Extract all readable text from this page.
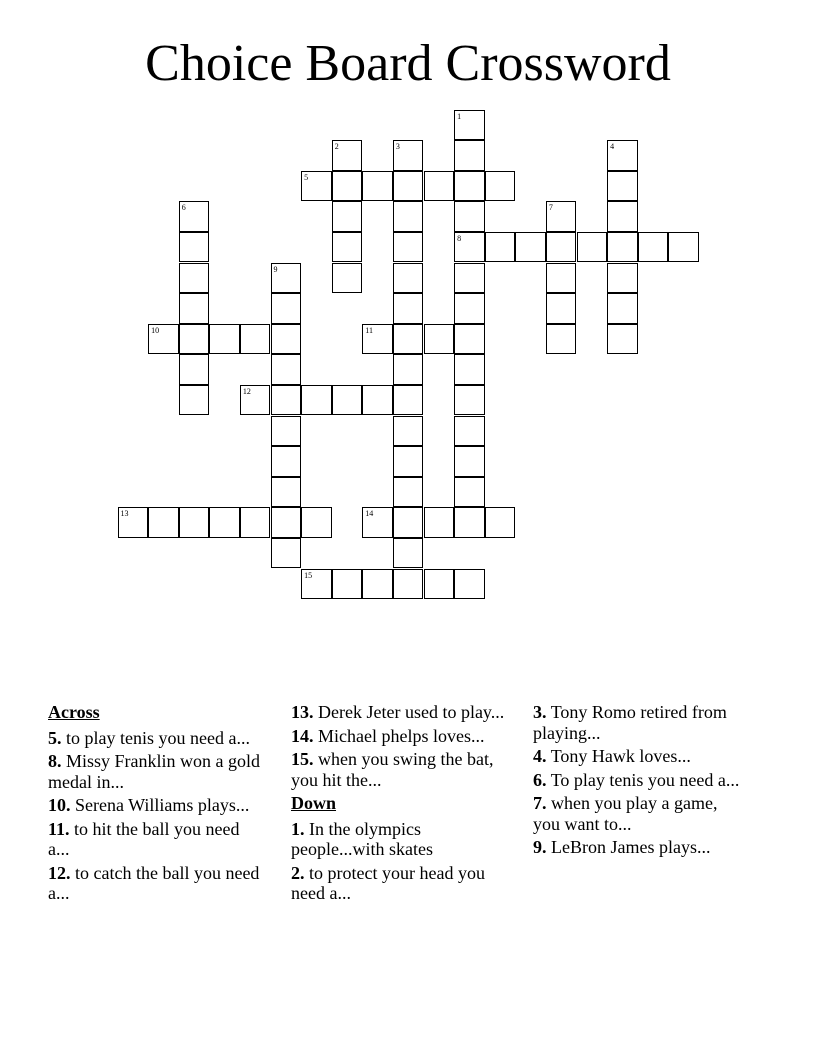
Choice Board Crossword
1
8
2	3	4
5
6	7
9
10	11
12
13	14
15
Across
5. to play tenis you need a...
8. Missy Franklin won a gold medal in...
10. Serena Williams plays...
11. to hit the ball you need a...
12. to catch the ball you need a...
13. Derek Jeter used to play...
14. Michael phelps loves...
15. when you swing the bat, you hit the...
Down
1. In the olympics people...with skates
2. to protect your head you need a...
3. Tony Romo retired from playing...
4. Tony Hawk loves...
6. To play tenis you need a...
7. when you play a game, you want to...
9. LeBron James plays...
